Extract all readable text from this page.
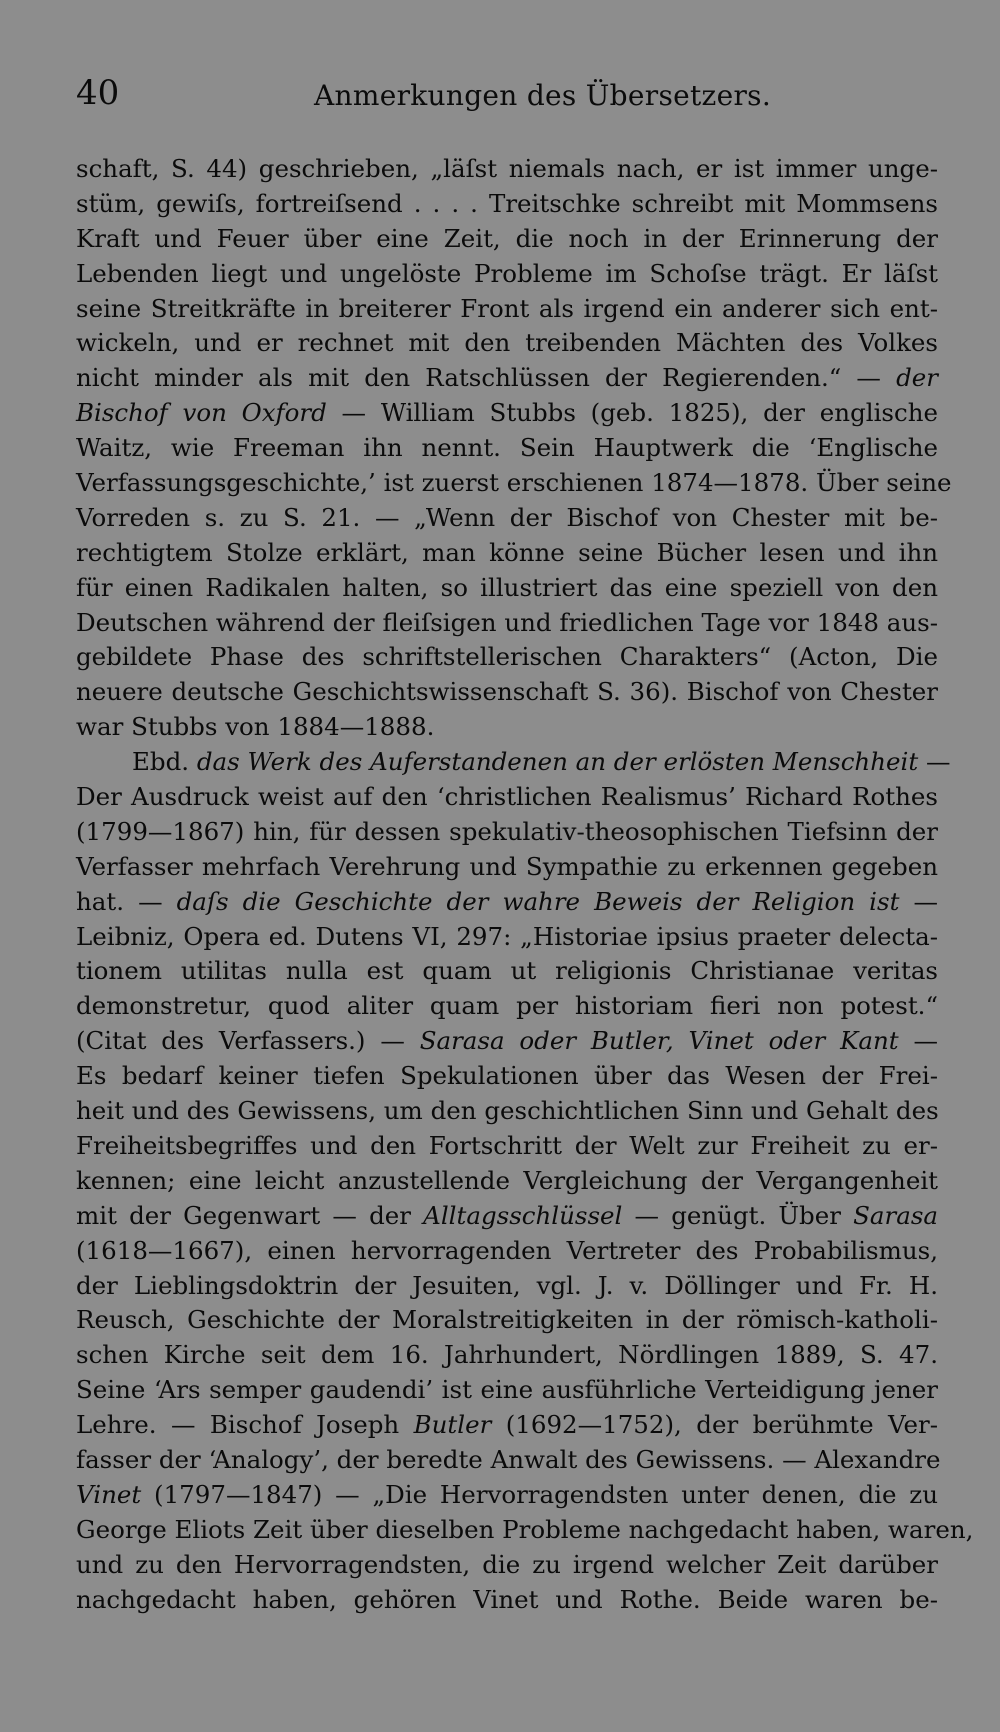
40	Anmerkungen des Übersetzers.
schaft, S. 44) geschrieben, „läſst niemals nach, er ist immer unge-
stüm, gewiſs, fortreiſsend . . . . Treitschke schreibt mit Mommsens
Kraft und Feuer über eine Zeit, die noch in der Erinnerung der
Lebenden liegt und ungelöste Probleme im Schoſse trägt. Er läſst
seine Streitkräfte in breiterer Front als irgend ein anderer sich ent-
wickeln, und er rechnet mit den treibenden Mächten des Volkes
nicht minder als mit den Ratschlüssen der Regierenden.“ — der
Bischof von Oxford — William Stubbs (geb. 1825), der englische
Waitz, wie Freeman ihn nennt. Sein Hauptwerk die ‘Englische
Verfassungsgeschichte,’ ist zuerst erschienen 1874—1878. Über seine
Vorreden s. zu S. 21. — „Wenn der Bischof von Chester mit be-
rechtigtem Stolze erklärt, man könne seine Bücher lesen und ihn
für einen Radikalen halten, so illustriert das eine speziell von den
Deutschen während der fleiſsigen und friedlichen Tage vor 1848 aus-
gebildete Phase des schriftstellerischen Charakters“ (Acton, Die
neuere deutsche Geschichtswissenschaft S. 36). Bischof von Chester
war Stubbs von 1884—1888.
Ebd. das Werk des Auferstandenen an der erlösten Menschheit —
Der Ausdruck weist auf den ‘christlichen Realismus’ Richard Rothes
(1799—1867) hin, für dessen spekulativ-theosophischen Tiefsinn der
Verfasser mehrfach Verehrung und Sympathie zu erkennen gegeben
hat. — daſs die Geschichte der wahre Beweis der Religion ist —
Leibniz, Opera ed. Dutens VI, 297: „Historiae ipsius praeter delecta-
tionem utilitas nulla est quam ut religionis Christianae veritas
demonstretur, quod aliter quam per historiam fieri non potest.“
(Citat des Verfassers.) — Sarasa oder Butler, Vinet oder Kant —
Es bedarf keiner tiefen Spekulationen über das Wesen der Frei-
heit und des Gewissens, um den geschichtlichen Sinn und Gehalt des
Freiheitsbegriffes und den Fortschritt der Welt zur Freiheit zu er-
kennen; eine leicht anzustellende Vergleichung der Vergangenheit
mit der Gegenwart — der Alltagsschlüssel — genügt. Über Sarasa
(1618—1667), einen hervorragenden Vertreter des Probabilismus,
der Lieblingsdoktrin der Jesuiten, vgl. J. v. Döllinger und Fr. H.
Reusch, Geschichte der Moralstreitigkeiten in der römisch-katholi-
schen Kirche seit dem 16. Jahrhundert, Nördlingen 1889, S. 47.
Seine ‘Ars semper gaudendi’ ist eine ausführliche Verteidigung jener
Lehre. — Bischof Joseph Butler (1692—1752), der berühmte Ver-
fasser der ‘Analogy’, der beredte Anwalt des Gewissens. — Alexandre
Vinet (1797—1847) — „Die Hervorragendsten unter denen, die zu
George Eliots Zeit über dieselben Probleme nachgedacht haben, waren,
und zu den Hervorragendsten, die zu irgend welcher Zeit darüber
nachgedacht haben, gehören Vinet und Rothe. Beide waren be-
